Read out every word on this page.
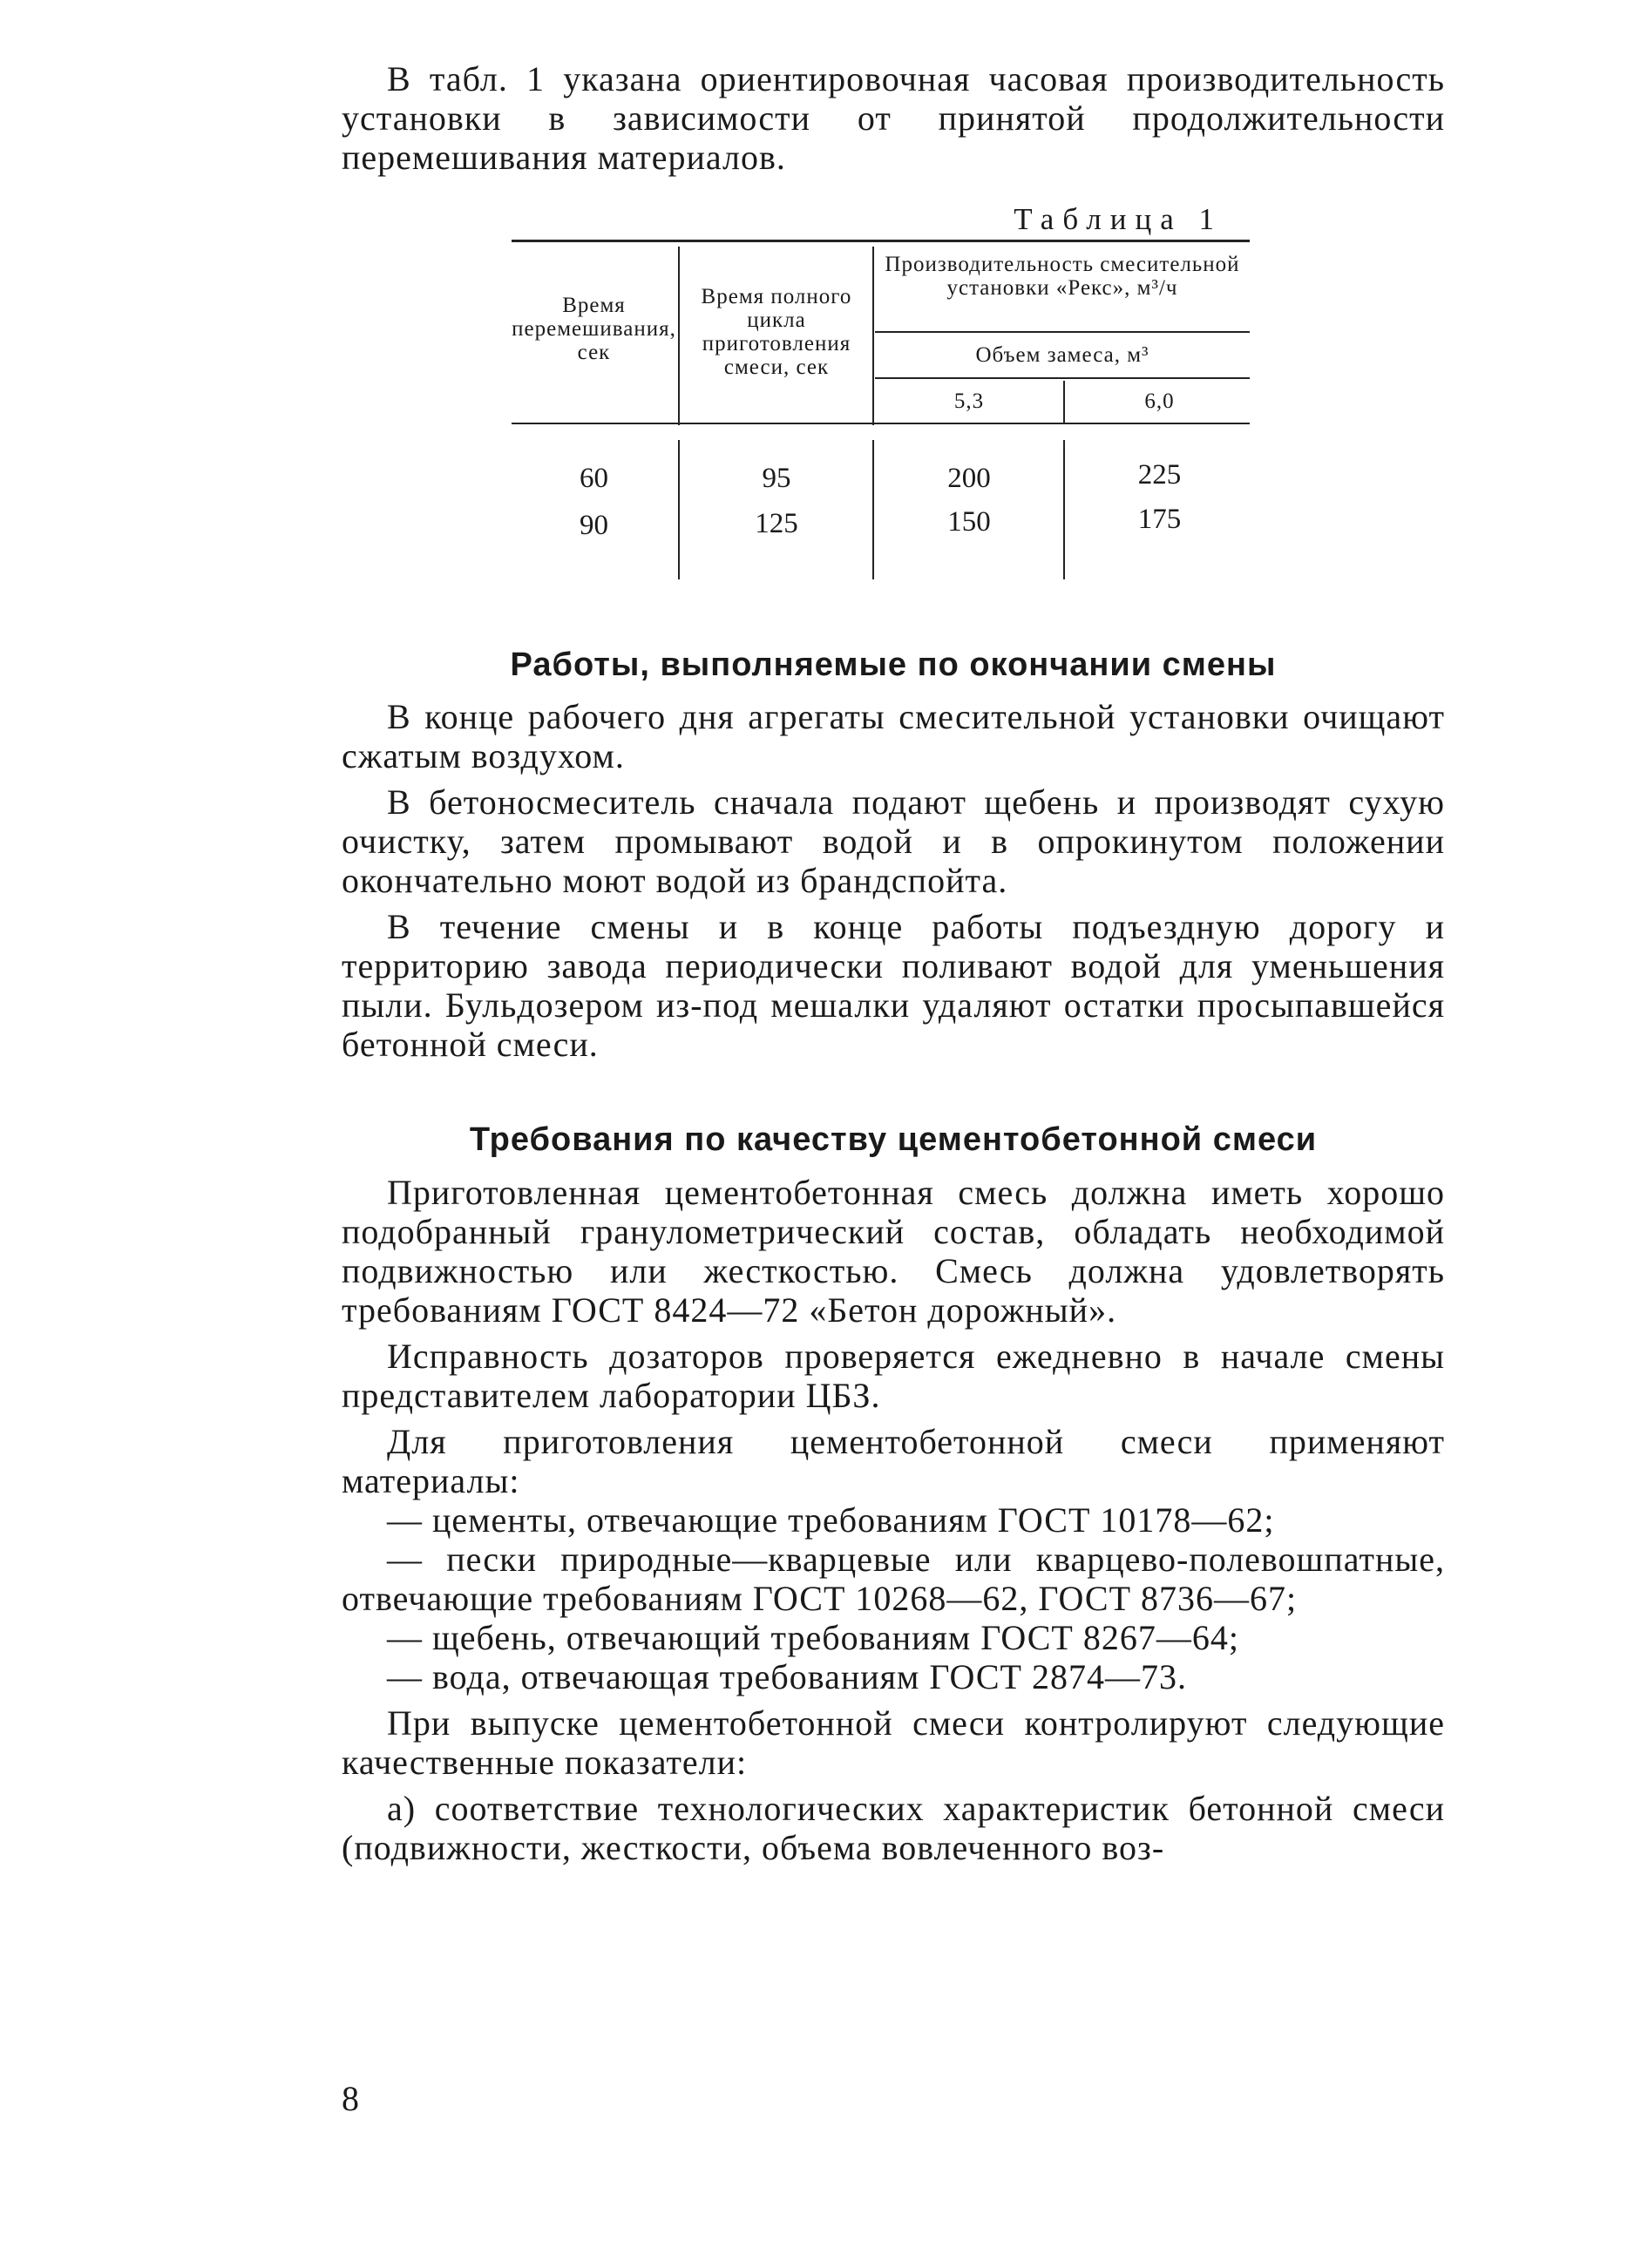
В табл. 1 указана ориентировочная часовая производительность установки в зависимости от принятой продолжительности перемешивания материалов.

Таблица 1
Время перемешивания, сек
Время полного цикла приготовления смеси, сек
Производительность смесительной установки «Рекс», м³/ч
Объем замеса, м³
5,3	6,0
60	95	200	225
90	125	150	175
Работы, выполняемые по окончании смены

В конце рабочего дня агрегаты смесительной установки очищают сжатым воздухом.

В бетоносмеситель сначала подают щебень и производят сухую очистку, затем промывают водой и в опрокинутом положении окончательно моют водой из брандспойта.

В течение смены и в конце работы подъездную дорогу и территорию завода периодически поливают водой для уменьшения пыли. Бульдозером из-под мешалки удаляют остатки просыпавшейся бетонной смеси.

Требования по качеству цементобетонной смеси

Приготовленная цементобетонная смесь должна иметь хорошо подобранный гранулометрический состав, обладать необходимой подвижностью или жесткостью. Смесь должна удовлетворять требованиям ГОСТ 8424—72 «Бетон дорожный».

Исправность дозаторов проверяется ежедневно в начале смены представителем лаборатории ЦБЗ.

Для приготовления цементобетонной смеси применяют материалы:

— цементы, отвечающие требованиям ГОСТ 10178—62;

— пески природные—кварцевые или кварцево-полевошпатные, отвечающие требованиям ГОСТ 10268—62, ГОСТ 8736—67;

— щебень, отвечающий требованиям ГОСТ 8267—64;

— вода, отвечающая требованиям ГОСТ 2874—73.

При выпуске цементобетонной смеси контролируют следующие качественные показатели:

а) соответствие технологических характеристик бетонной смеси (подвижности, жесткости, объема вовлеченного воз-

8
